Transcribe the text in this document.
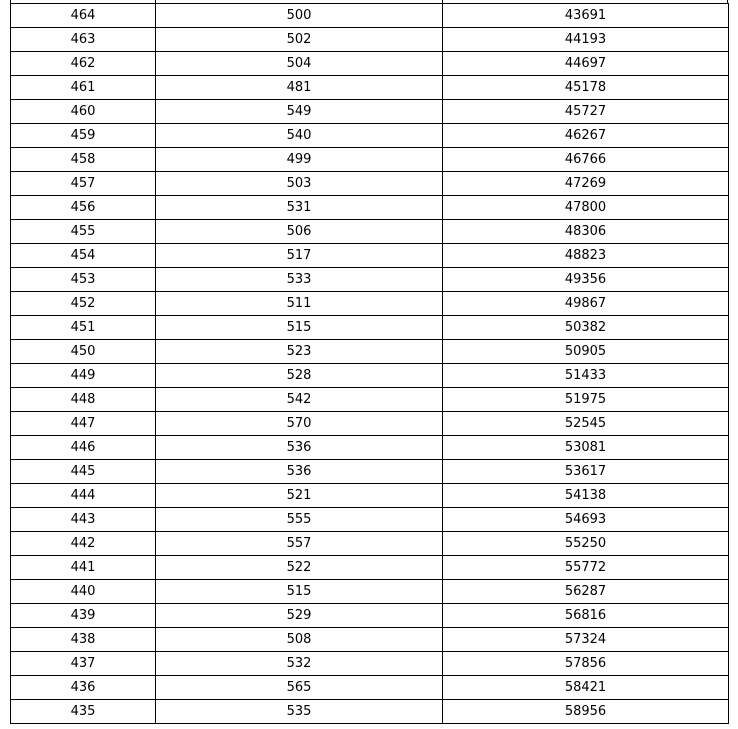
464	500	43691
463	502	44193
462	504	44697
461	481	45178
460	549	45727
459	540	46267
458	499	46766
457	503	47269
456	531	47800
455	506	48306
454	517	48823
453	533	49356
452	511	49867
451	515	50382
450	523	50905
449	528	51433
448	542	51975
447	570	52545
446	536	53081
445	536	53617
444	521	54138
443	555	54693
442	557	55250
441	522	55772
440	515	56287
439	529	56816
438	508	57324
437	532	57856
436	565	58421
435	535	58956
